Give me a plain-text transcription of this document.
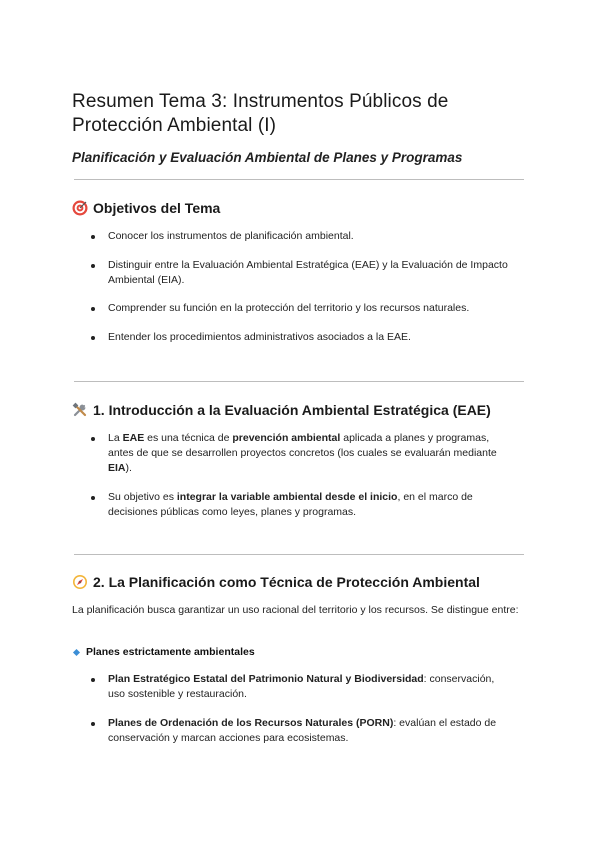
Resumen Tema 3: Instrumentos Públicos de Protección Ambiental (I)

Planificación y Evaluación Ambiental de Planes y Programas

Objetivos del Tema
Conocer los instrumentos de planificación ambiental.
Distinguir entre la Evaluación Ambiental Estratégica (EAE) y la Evaluación de Impacto Ambiental (EIA).
Comprender su función en la protección del territorio y los recursos naturales.
Entender los procedimientos administrativos asociados a la EAE.
1. Introducción a la Evaluación Ambiental Estratégica (EAE)
La EAE es una técnica de prevención ambiental aplicada a planes y programas, antes de que se desarrollen proyectos concretos (los cuales se evaluarán mediante EIA).
Su objetivo es integrar la variable ambiental desde el inicio, en el marco de decisiones públicas como leyes, planes y programas.
2. La Planificación como Técnica de Protección Ambiental

La planificación busca garantizar un uso racional del territorio y los recursos. Se distingue entre:

Planes estrictamente ambientales

Plan Estratégico Estatal del Patrimonio Natural y Biodiversidad: conservación, uso sostenible y restauración.
Planes de Ordenación de los Recursos Naturales (PORN): evalúan el estado de conservación y marcan acciones para ecosistemas.
